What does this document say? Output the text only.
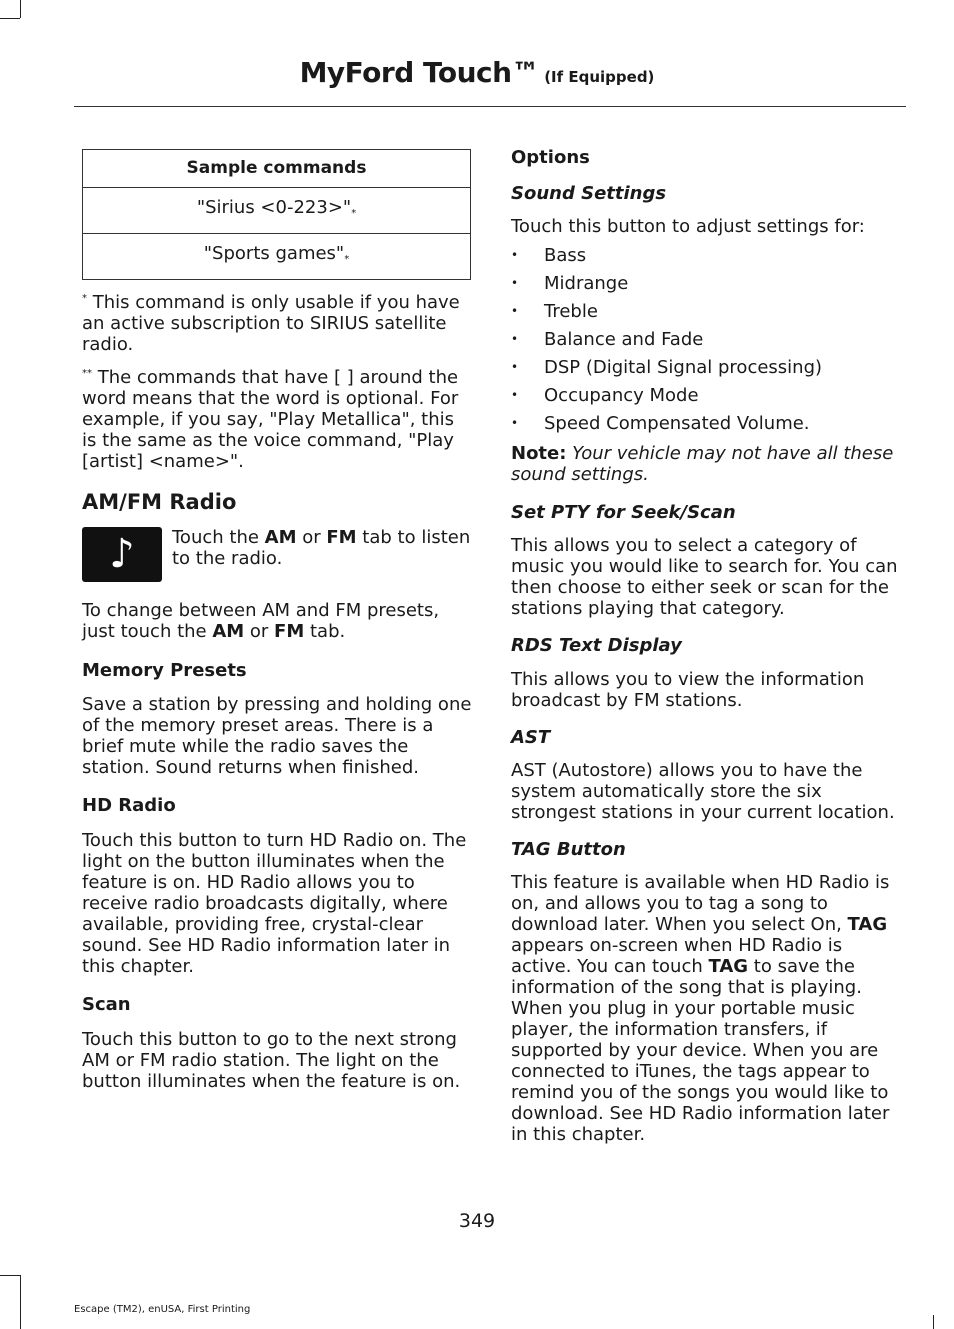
MyFord Touch™ (If Equipped)
Sample commands
"Sirius <0-223>"*
"Sports games"*

* This command is only usable if you have an active subscription to SIRIUS satellite radio.

** The commands that have [ ] around the word means that the word is optional. For example, if you say, "Play Metallica", this is the same as the voice command, "Play [artist] <name>".

AM/FM Radio
♪	Touch the AM or FM tab to listen to the radio.

To change between AM and FM presets, just touch the AM or FM tab.

Memory Presets

Save a station by pressing and holding one of the memory preset areas. There is a brief mute while the radio saves the station. Sound returns when finished.

HD Radio

Touch this button to turn HD Radio on. The light on the button illuminates when the feature is on. HD Radio allows you to receive radio broadcasts digitally, where available, providing free, crystal-clear sound. See HD Radio information later in this chapter.

Scan

Touch this button to go to the next strong AM or FM radio station. The light on the button illuminates when the feature is on.

Options
Sound Settings

Touch this button to adjust settings for:

• Bass
• Midrange
• Treble
• Balance and Fade
• DSP (Digital Signal processing)
• Occupancy Mode
• Speed Compensated Volume.

Note: Your vehicle may not have all these sound settings.

Set PTY for Seek/Scan

This allows you to select a category of music you would like to search for. You can then choose to either seek or scan for the stations playing that category.

RDS Text Display

This allows you to view the information broadcast by FM stations.

AST

AST (Autostore) allows you to have the system automatically store the six strongest stations in your current location.

TAG Button

This feature is available when HD Radio is on, and allows you to tag a song to download later. When you select On, TAG appears on-screen when HD Radio is active. You can touch TAG to save the information of the song that is playing. When you plug in your portable music player, the information transfers, if supported by your device. When you are connected to iTunes, the tags appear to remind you of the songs you would like to download. See HD Radio information later in this chapter.

349
Escape (TM2), enUSA, First Printing
